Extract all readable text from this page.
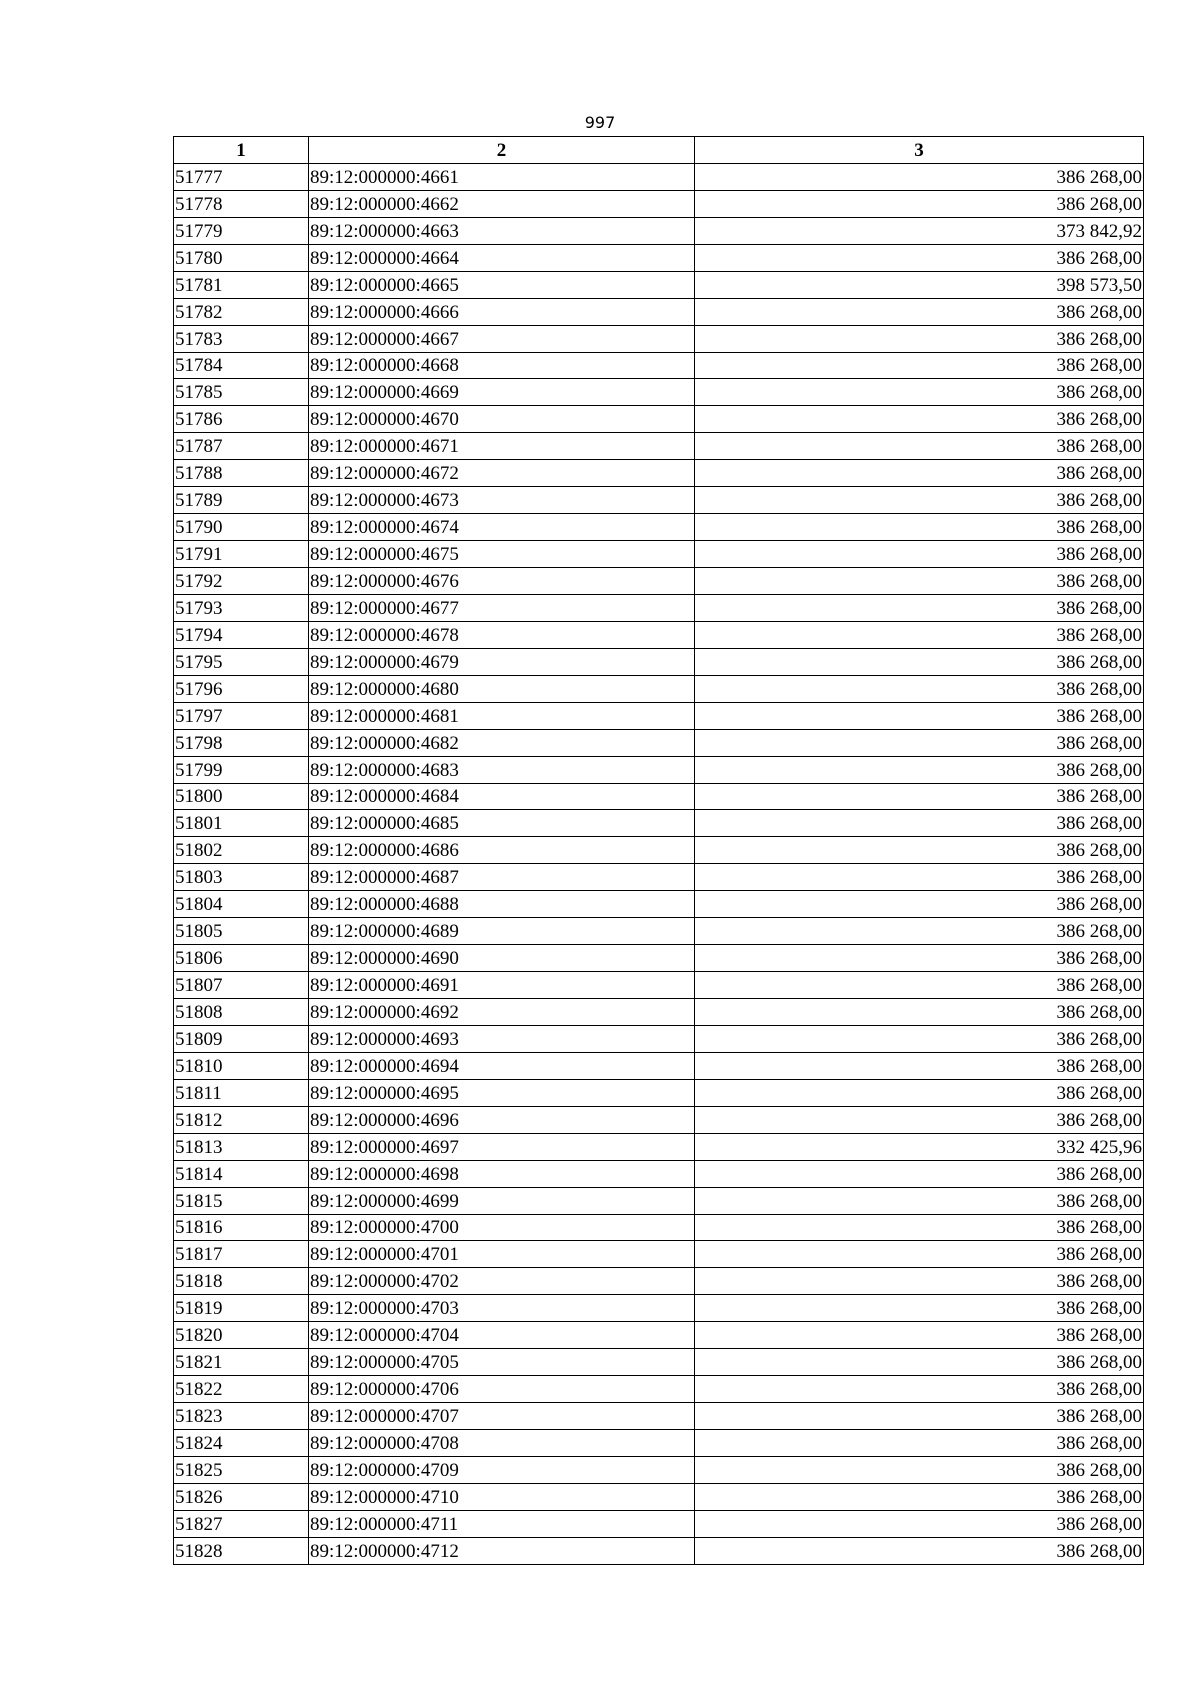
997
1	2	3
51777	89:12:000000:4661	386 268,00
51778	89:12:000000:4662	386 268,00
51779	89:12:000000:4663	373 842,92
51780	89:12:000000:4664	386 268,00
51781	89:12:000000:4665	398 573,50
51782	89:12:000000:4666	386 268,00
51783	89:12:000000:4667	386 268,00
51784	89:12:000000:4668	386 268,00
51785	89:12:000000:4669	386 268,00
51786	89:12:000000:4670	386 268,00
51787	89:12:000000:4671	386 268,00
51788	89:12:000000:4672	386 268,00
51789	89:12:000000:4673	386 268,00
51790	89:12:000000:4674	386 268,00
51791	89:12:000000:4675	386 268,00
51792	89:12:000000:4676	386 268,00
51793	89:12:000000:4677	386 268,00
51794	89:12:000000:4678	386 268,00
51795	89:12:000000:4679	386 268,00
51796	89:12:000000:4680	386 268,00
51797	89:12:000000:4681	386 268,00
51798	89:12:000000:4682	386 268,00
51799	89:12:000000:4683	386 268,00
51800	89:12:000000:4684	386 268,00
51801	89:12:000000:4685	386 268,00
51802	89:12:000000:4686	386 268,00
51803	89:12:000000:4687	386 268,00
51804	89:12:000000:4688	386 268,00
51805	89:12:000000:4689	386 268,00
51806	89:12:000000:4690	386 268,00
51807	89:12:000000:4691	386 268,00
51808	89:12:000000:4692	386 268,00
51809	89:12:000000:4693	386 268,00
51810	89:12:000000:4694	386 268,00
51811	89:12:000000:4695	386 268,00
51812	89:12:000000:4696	386 268,00
51813	89:12:000000:4697	332 425,96
51814	89:12:000000:4698	386 268,00
51815	89:12:000000:4699	386 268,00
51816	89:12:000000:4700	386 268,00
51817	89:12:000000:4701	386 268,00
51818	89:12:000000:4702	386 268,00
51819	89:12:000000:4703	386 268,00
51820	89:12:000000:4704	386 268,00
51821	89:12:000000:4705	386 268,00
51822	89:12:000000:4706	386 268,00
51823	89:12:000000:4707	386 268,00
51824	89:12:000000:4708	386 268,00
51825	89:12:000000:4709	386 268,00
51826	89:12:000000:4710	386 268,00
51827	89:12:000000:4711	386 268,00
51828	89:12:000000:4712	386 268,00
